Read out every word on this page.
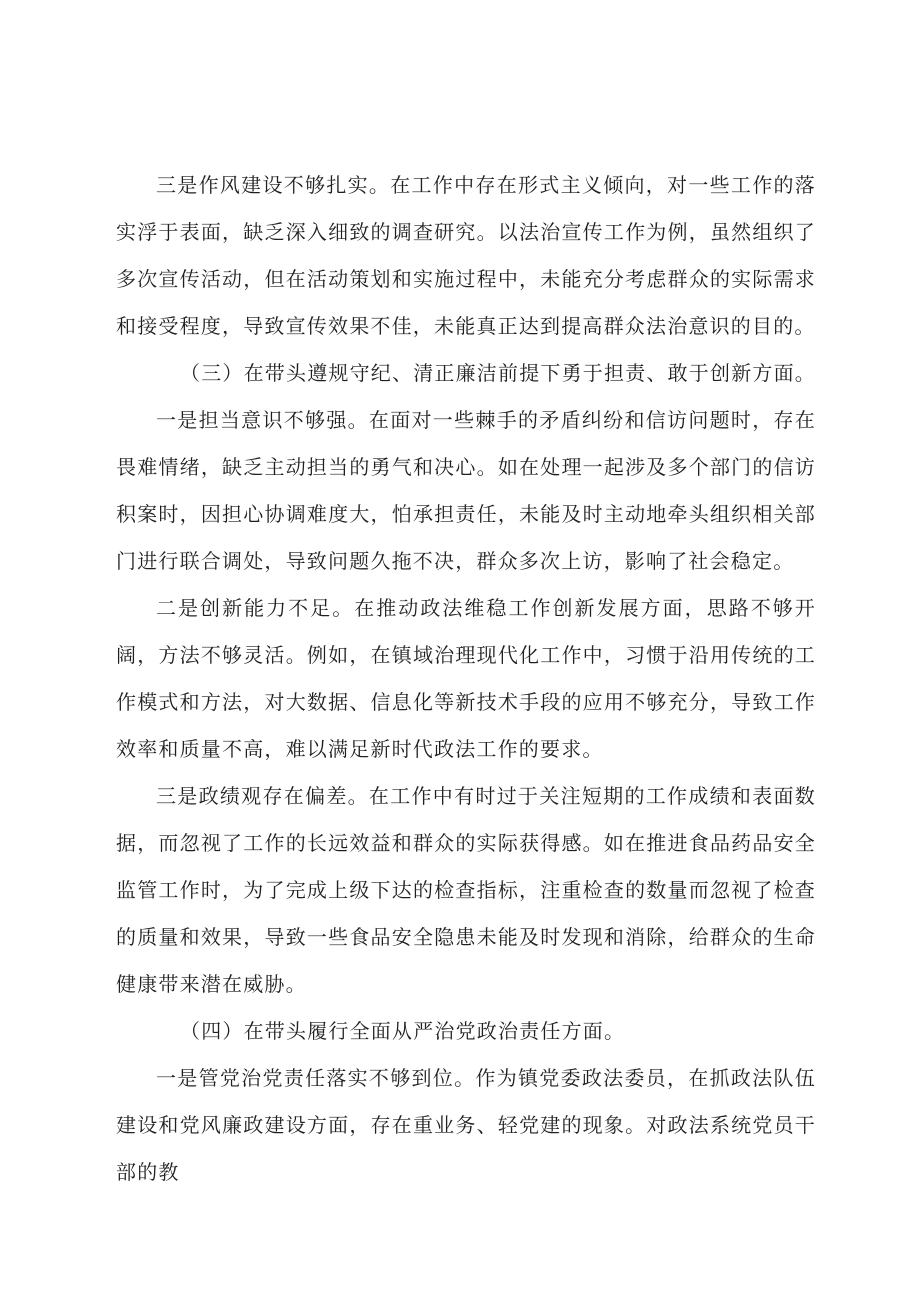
三是作风建设不够扎实。在工作中存在形式主义倾向，对一些工作的落实浮于表面，缺乏深入细致的调查研究。以法治宣传工作为例，虽然组织了多次宣传活动，但在活动策划和实施过程中，未能充分考虑群众的实际需求和接受程度，导致宣传效果不佳，未能真正达到提高群众法治意识的目的。

（三）在带头遵规守纪、清正廉洁前提下勇于担责、敢于创新方面。

一是担当意识不够强。在面对一些棘手的矛盾纠纷和信访问题时，存在畏难情绪，缺乏主动担当的勇气和决心。如在处理一起涉及多个部门的信访积案时，因担心协调难度大，怕承担责任，未能及时主动地牵头组织相关部门进行联合调处，导致问题久拖不决，群众多次上访，影响了社会稳定。

二是创新能力不足。在推动政法维稳工作创新发展方面，思路不够开阔，方法不够灵活。例如，在镇域治理现代化工作中，习惯于沿用传统的工作模式和方法，对大数据、信息化等新技术手段的应用不够充分，导致工作效率和质量不高，难以满足新时代政法工作的要求。

三是政绩观存在偏差。在工作中有时过于关注短期的工作成绩和表面数据，而忽视了工作的长远效益和群众的实际获得感。如在推进食品药品安全监管工作时，为了完成上级下达的检查指标，注重检查的数量而忽视了检查的质量和效果，导致一些食品安全隐患未能及时发现和消除，给群众的生命健康带来潜在威胁。

（四）在带头履行全面从严治党政治责任方面。

一是管党治党责任落实不够到位。作为镇党委政法委员，在抓政法队伍建设和党风廉政建设方面，存在重业务、轻党建的现象。对政法系统党员干部的教
